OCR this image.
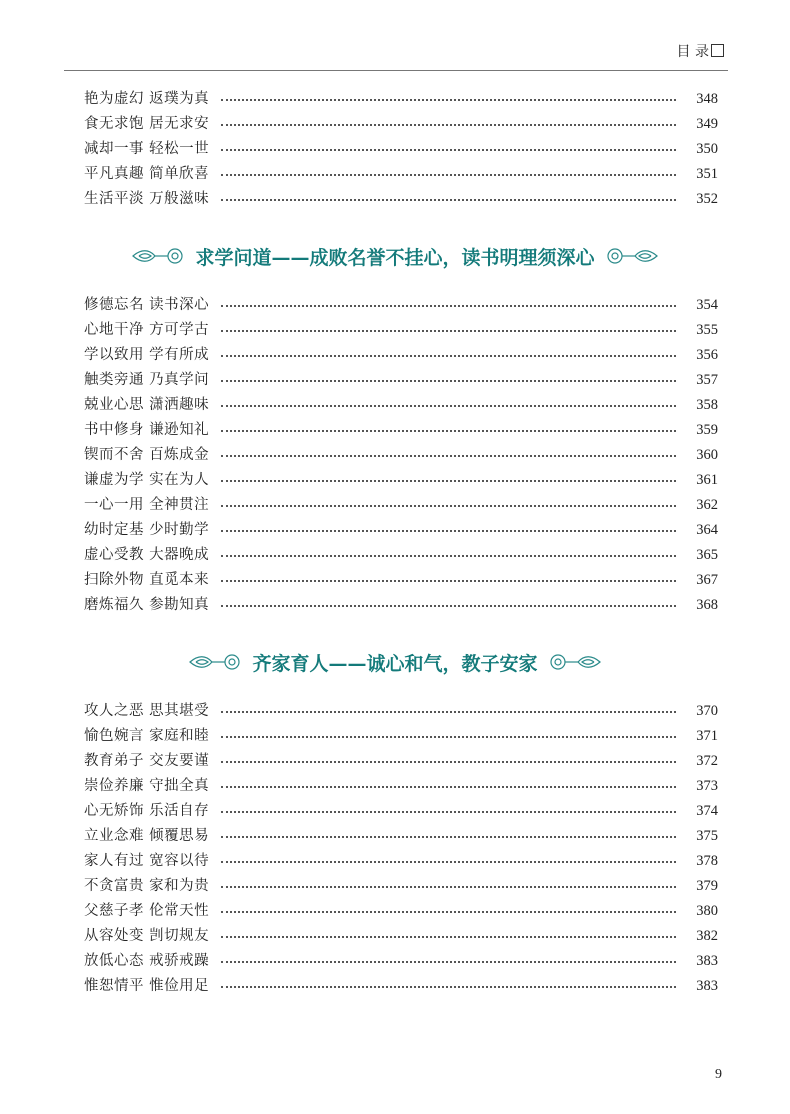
目 录
艳为虚幻 返璞为真	348
食无求饱 居无求安	349
减却一事 轻松一世	350
平凡真趣 简单欣喜	351
生活平淡 万般滋味	352
求学问道——成败名誉不挂心，读书明理须深心
修德忘名 读书深心	354
心地干净 方可学古	355
学以致用 学有所成	356
触类旁通 乃真学问	357
兢业心思 潇洒趣味	358
书中修身 谦逊知礼	359
锲而不舍 百炼成金	360
谦虚为学 实在为人	361
一心一用 全神贯注	362
幼时定基 少时勤学	364
虚心受教 大器晚成	365
扫除外物 直觅本来	367
磨炼福久 参勘知真	368
齐家育人——诚心和气，教子安家
攻人之恶 思其堪受	370
愉色婉言 家庭和睦	371
教育弟子 交友要谨	372
崇俭养廉 守拙全真	373
心无矫饰 乐活自存	374
立业念难 倾覆思易	375
家人有过 宽容以待	378
不贪富贵 家和为贵	379
父慈子孝 伦常天性	380
从容处变 剀切规友	382
放低心态 戒骄戒躁	383
惟恕情平 惟俭用足	383
9
